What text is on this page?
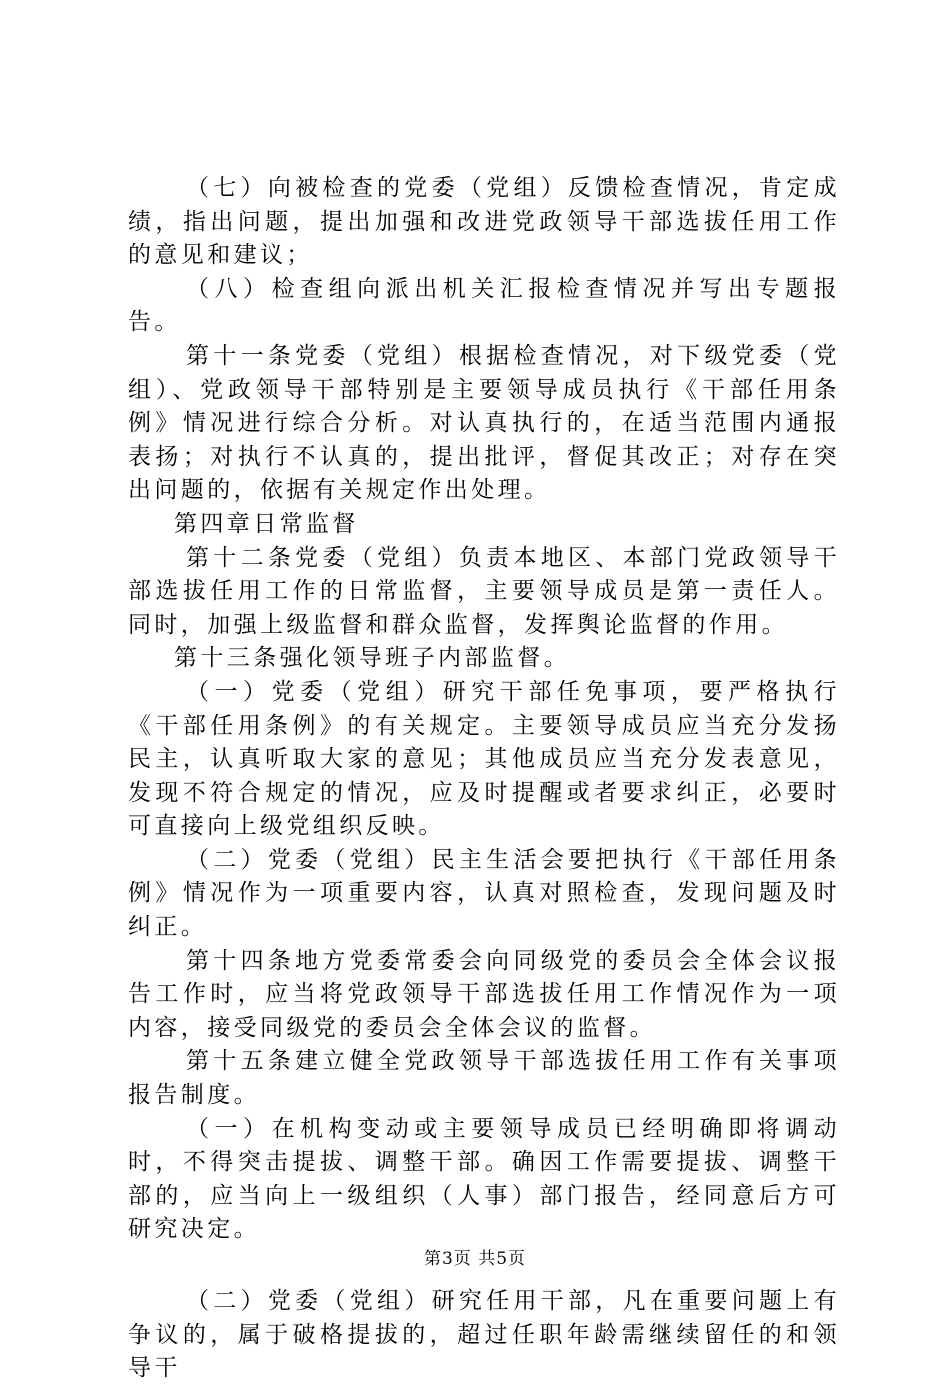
（七）向被检查的党委（党组）反馈检查情况，肯定成绩，指出问题，提出加强和改进党政领导干部选拔任用工作的意见和建议；

（八）检查组向派出机关汇报检查情况并写出专题报告。

第十一条党委（党组）根据检查情况，对下级党委（党组）、党政领导干部特别是主要领导成员执行《干部任用条例》情况进行综合分析。对认真执行的，在适当范围内通报表扬；对执行不认真的，提出批评，督促其改正；对存在突出问题的，依据有关规定作出处理。

第四章日常监督

第十二条党委（党组）负责本地区、本部门党政领导干部选拔任用工作的日常监督，主要领导成员是第一责任人。同时，加强上级监督和群众监督，发挥舆论监督的作用。

第十三条强化领导班子内部监督。

（一）党委（党组）研究干部任免事项，要严格执行《干部任用条例》的有关规定。主要领导成员应当充分发扬民主，认真听取大家的意见；其他成员应当充分发表意见，发现不符合规定的情况，应及时提醒或者要求纠正，必要时可直接向上级党组织反映。

（二）党委（党组）民主生活会要把执行《干部任用条例》情况作为一项重要内容，认真对照检查，发现问题及时纠正。

第十四条地方党委常委会向同级党的委员会全体会议报告工作时，应当将党政领导干部选拔任用工作情况作为一项内容，接受同级党的委员会全体会议的监督。

第十五条建立健全党政领导干部选拔任用工作有关事项报告制度。

（一）在机构变动或主要领导成员已经明确即将调动时，不得突击提拔、调整干部。确因工作需要提拔、调整干部的，应当向上一级组织（人事）部门报告，经同意后方可研究决定。

（二）党委（党组）研究任用干部，凡在重要问题上有争议的，属于破格提拔的，超过任职年龄需继续留任的和领导干

第3页 共5页
